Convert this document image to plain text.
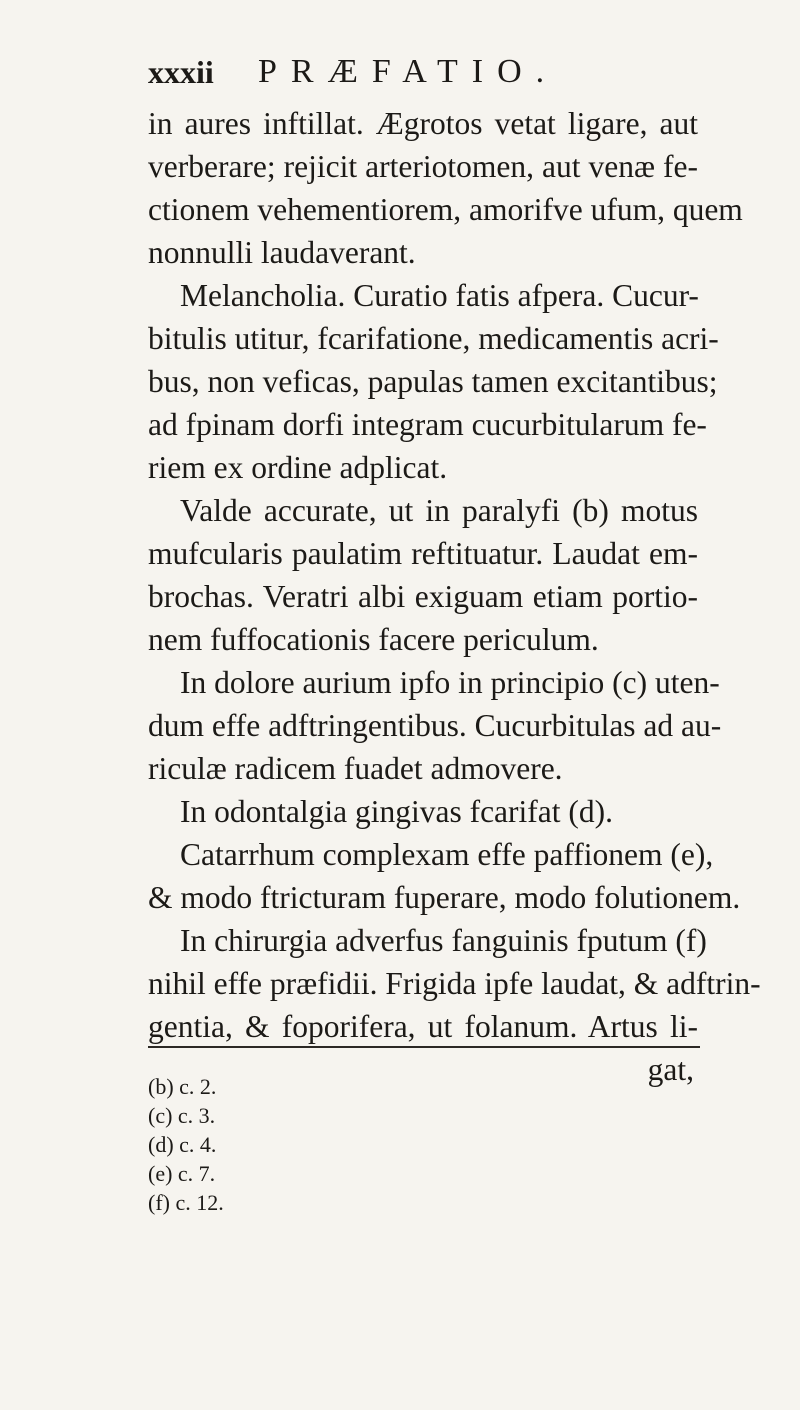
xxxii PRÆFATIO.
in aures inftillat. Ægrotos vetat ligare, aut
verberare; rejicit arteriotomen, aut venæ fe-
ctionem vehementiorem, amorifve ufum, quem
nonnulli laudaverant.
Melancholia. Curatio fatis afpera. Cucur-
bitulis utitur, fcarifatione, medicamentis acri-
bus, non veficas, papulas tamen excitantibus;
ad fpinam dorfi integram cucurbitularum fe-
riem ex ordine adplicat.
Valde accurate, ut in paralyfi (b) motus
mufcularis paulatim reftituatur. Laudat em-
brochas. Veratri albi exiguam etiam portio-
nem fuffocationis facere periculum.
In dolore aurium ipfo in principio (c) uten-
dum effe adftringentibus. Cucurbitulas ad au-
riculæ radicem fuadet admovere.
In odontalgia gingivas fcarifat (d).
Catarrhum complexam effe paffionem (e),
& modo ftricturam fuperare, modo folutionem.
In chirurgia adverfus fanguinis fputum (f)
nihil effe præfidii. Frigida ipfe laudat, & adftrin-
gentia, & foporifera, ut folanum. Artus li-
gat,
(b) c. 2.
(c) c. 3.
(d) c. 4.
(e) c. 7.
(f) c. 12.
